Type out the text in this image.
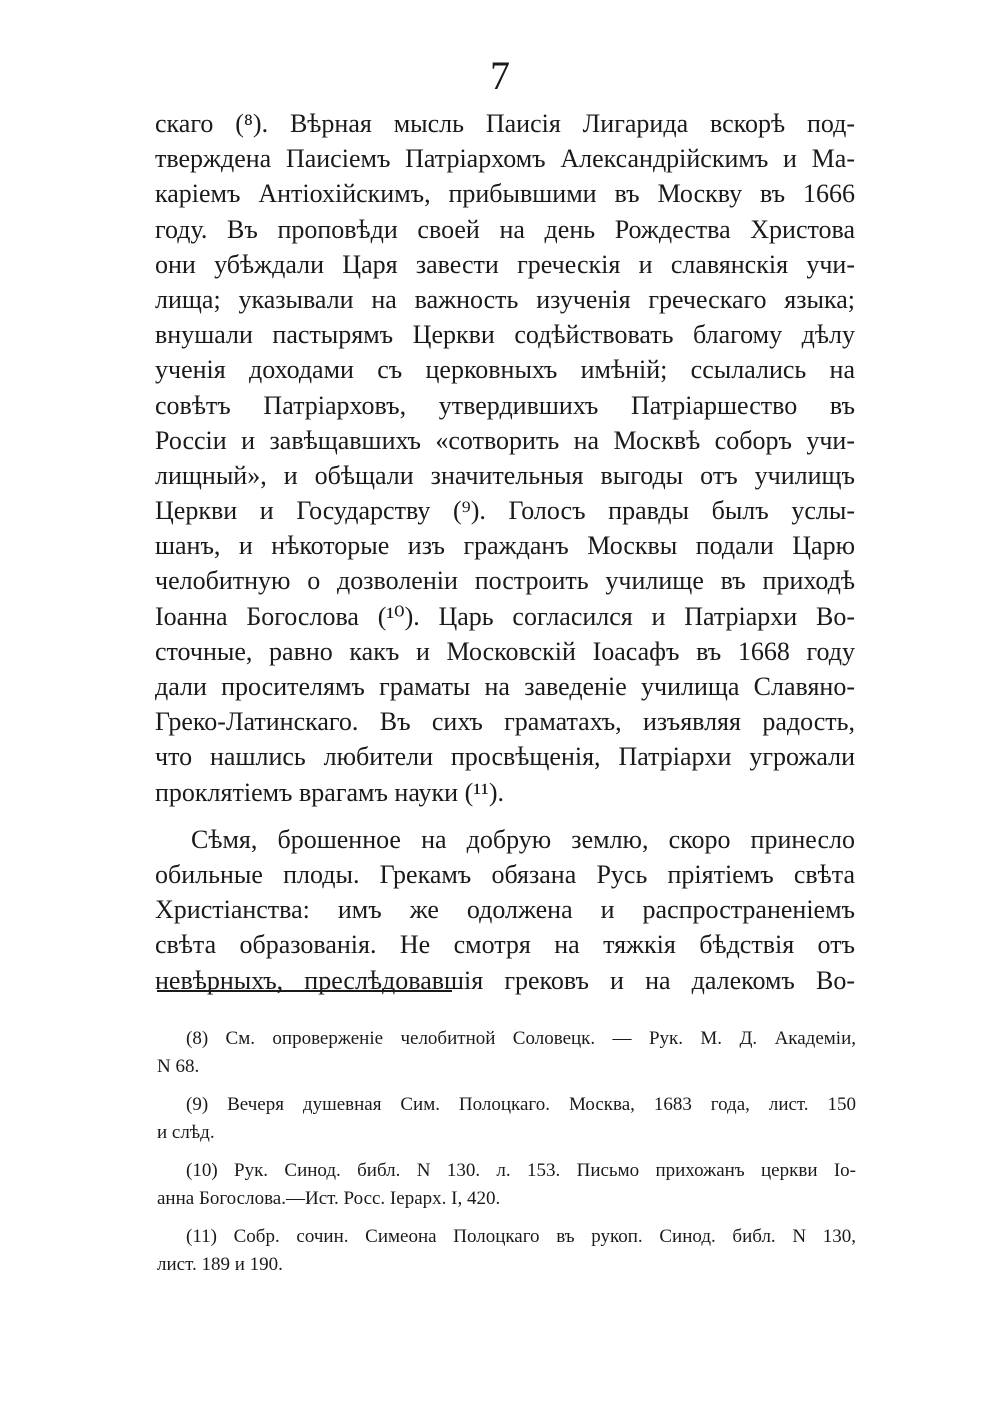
7
скаго (⁸). Вѣрная мысль Паисія Лигарида вскорѣ под-
тверждена Паисіемъ Патріархомъ Александрійскимъ и Ма-
каріемъ Антіохійскимъ, прибывшими въ Москву въ 1666
году. Въ проповѣди своей на день Рождества Христова
они убѣждали Царя завести греческія и славянскія учи-
лища; указывали на важность изученія греческаго языка;
внушали пастырямъ Церкви содѣйствовать благому дѣлу
ученія доходами съ церковныхъ имѣній; ссылались на
совѣтъ Патріарховъ, утвердившихъ Патріаршество въ
Россіи и завѣщавшихъ «сотворить на Москвѣ соборъ учи-
лищный», и обѣщали значительныя выгоды отъ училищъ
Церкви и Государству (⁹). Голосъ правды былъ услы-
шанъ, и нѣкоторые изъ гражданъ Москвы подали Царю
челобитную о дозволеніи построить училище въ приходѣ
Іоанна Богослова (¹⁰). Царь согласился и Патріархи Во-
сточные, равно какъ и Московскій Іоасафъ въ 1668 году
дали просителямъ граматы на заведеніе училища Славяно-
Греко-Латинскаго. Въ сихъ граматахъ, изъявляя радость,
что нашлись любители просвѣщенія, Патріархи угрожали
проклятіемъ врагамъ науки (¹¹).
Сѣмя, брошенное на добрую землю, скоро принесло
обильные плоды. Грекамъ обязана Русь пріятіемъ свѣта
Христіанства: имъ же одолжена и распространеніемъ
свѣта образованія. Не смотря на тяжкія бѣдствія отъ
невѣрныхъ, преслѣдовавшія грековъ и на далекомъ Во-
(8) См. опроверженіе челобитной Соловецк. — Рук. М. Д. Академіи,
N 68.
(9) Вечеря душевная Сим. Полоцкаго. Москва, 1683 года, лист. 150
и слѣд.
(10) Рук. Синод. библ. N 130. л. 153. Письмо прихожанъ церкви Іо-
анна Богослова.—Ист. Росс. Іерарх. I, 420.
(11) Собр. сочин. Симеона Полоцкаго въ рукоп. Синод. библ. N 130,
лист. 189 и 190.
